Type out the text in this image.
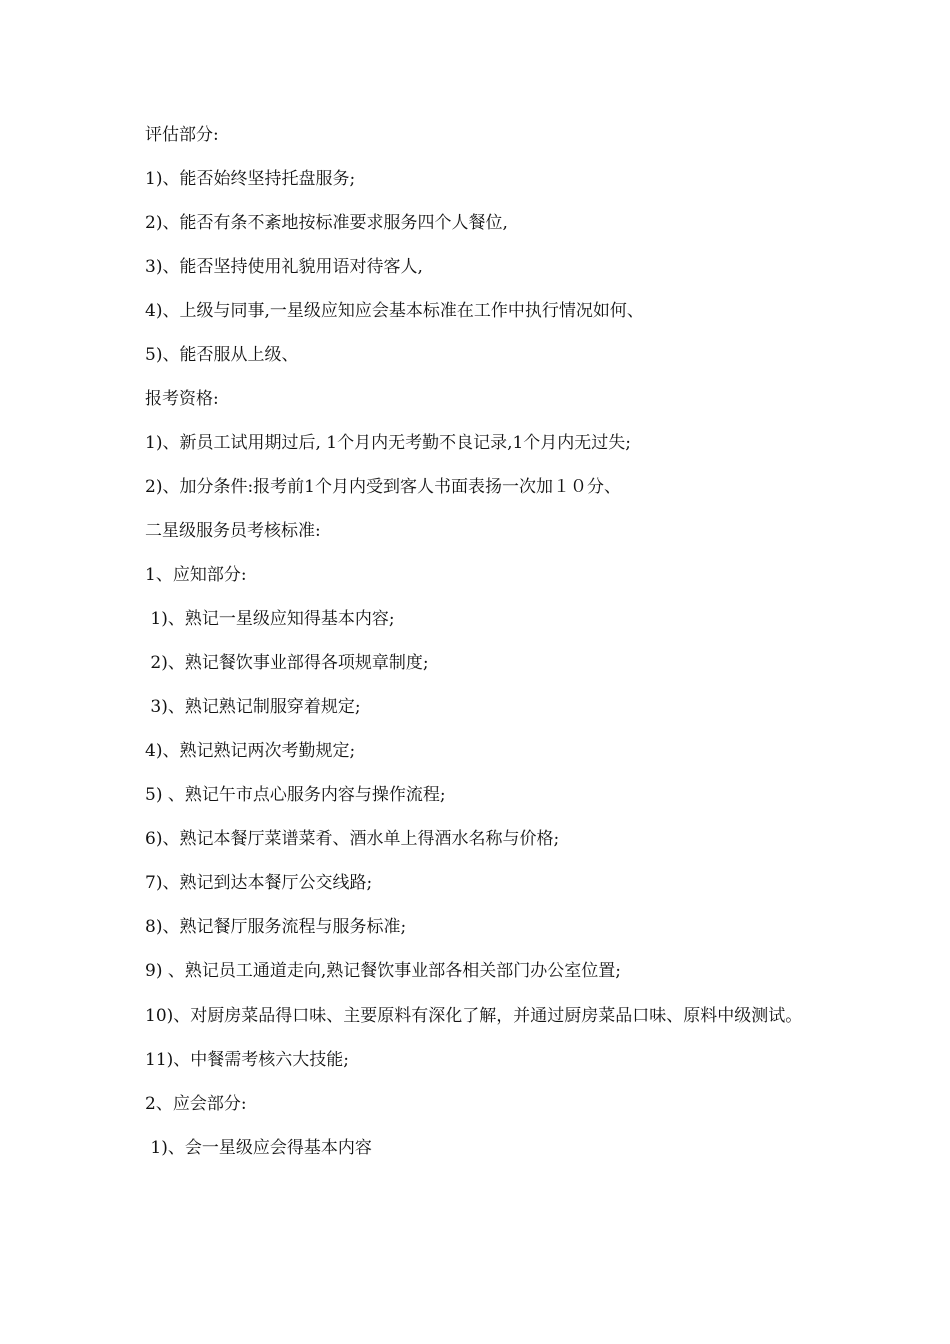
评估部分:
1)、能否始终坚持托盘服务;
2)、能否有条不紊地按标准要求服务四个人餐位,
3)、能否坚持使用礼貌用语对待客人,
4)、上级与同事,一星级应知应会基本标准在工作中执行情况如何、
5)、能否服从上级、
报考资格:
1)、新员工试用期过后, 1个月内无考勤不良记录,1个月内无过失;
2)、加分条件:报考前1个月内受到客人书面表扬一次加１０分、
二星级服务员考核标准:
1、应知部分:
1)、熟记一星级应知得基本内容;
2)、熟记餐饮事业部得各项规章制度;
3)、熟记熟记制服穿着规定;
4)、熟记熟记两次考勤规定;
5) 、熟记午市点心服务内容与操作流程;
6)、熟记本餐厅菜谱菜肴、酒水单上得酒水名称与价格;
7)、熟记到达本餐厅公交线路;
8)、熟记餐厅服务流程与服务标准;
9) 、熟记员工通道走向,熟记餐饮事业部各相关部门办公室位置;
10)、对厨房菜品得口味、主要原料有深化了解，并通过厨房菜品口味、原料中级测试。
11)、中餐需考核六大技能;
2、应会部分:
1)、会一星级应会得基本内容
